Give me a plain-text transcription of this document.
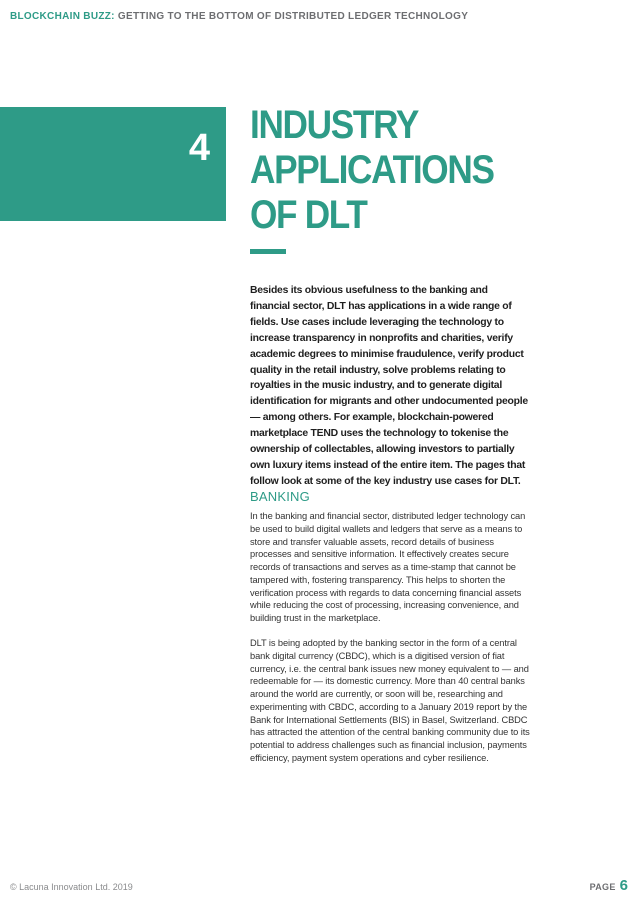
BLOCKCHAIN BUZZ: GETTING TO THE BOTTOM OF DISTRIBUTED LEDGER TECHNOLOGY
4
INDUSTRY
APPLICATIONS
OF DLT

Besides its obvious usefulness to the banking and financial sector, DLT has applications in a wide range of fields. Use cases include leveraging the technology to increase transparency in nonprofits and charities, verify academic degrees to minimise fraudulence, verify product quality in the retail industry, solve problems relating to royalties in the music industry, and to generate digital identification for migrants and other undocumented people — among others. For example, blockchain-powered marketplace TEND uses the technology to tokenise the ownership of collectables, allowing investors to partially own luxury items instead of the entire item. The pages that follow look at some of the key industry use cases for DLT.

BANKING

In the banking and financial sector, distributed ledger technology can be used to build digital wallets and ledgers that serve as a means to store and transfer valuable assets, record details of business processes and sensitive information. It effectively creates secure records of transactions and serves as a time-stamp that cannot be tampered with, fostering transparency. This helps to shorten the verification process with regards to data concerning financial assets while reducing the cost of processing, increasing convenience, and building trust in the marketplace.

DLT is being adopted by the banking sector in the form of a central bank digital currency (CBDC), which is a digitised version of fiat currency, i.e. the central bank issues new money equivalent to — and redeemable for — its domestic currency. More than 40 central banks around the world are currently, or soon will be, researching and experimenting with CBDC, according to a January 2019 report by the Bank for International Settlements (BIS) in Basel, Switzerland. CBDC has attracted the attention of the central banking community due to its potential to address challenges such as financial inclusion, payments efficiency, payment system operations and cyber resilience.

© Lacuna Innovation Ltd. 2019	PAGE 6
